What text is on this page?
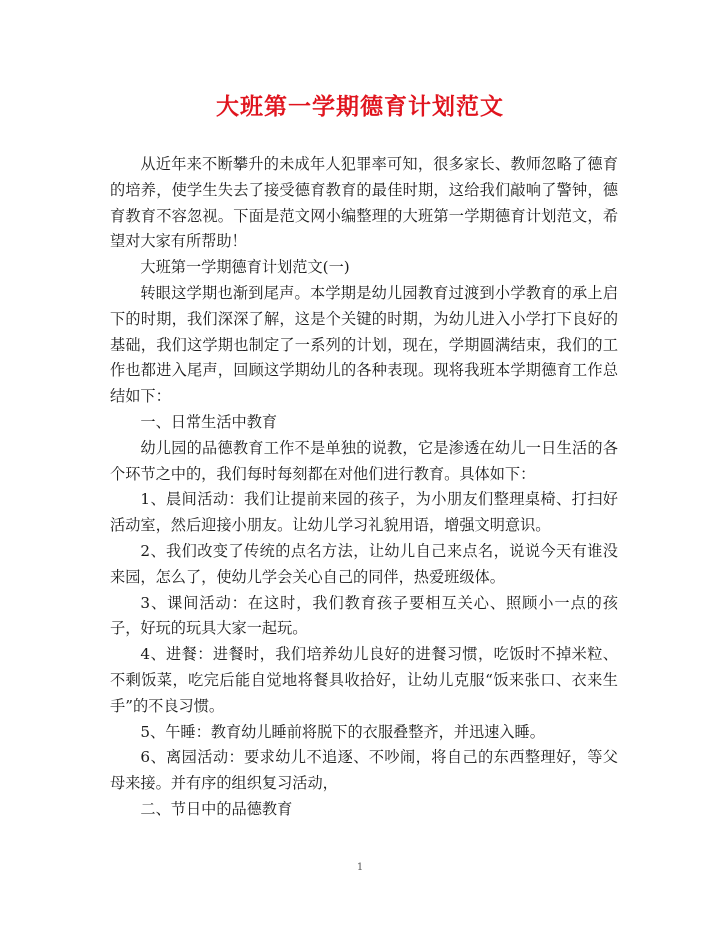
大班第一学期德育计划范文

从近年来不断攀升的未成年人犯罪率可知，很多家长、教师忽略了德育的培养，使学生失去了接受德育教育的最佳时期，这给我们敲响了警钟，德育教育不容忽视。下面是范文网小编整理的大班第一学期德育计划范文，希望对大家有所帮助！

大班第一学期德育计划范文(一)

转眼这学期也渐到尾声。本学期是幼儿园教育过渡到小学教育的承上启下的时期，我们深深了解，这是个关键的时期，为幼儿进入小学打下良好的基础，我们这学期也制定了一系列的计划，现在，学期圆满结束，我们的工作也都进入尾声，回顾这学期幼儿的各种表现。现将我班本学期德育工作总结如下：

一、日常生活中教育

幼儿园的品德教育工作不是单独的说教，它是渗透在幼儿一日生活的各个环节之中的，我们每时每刻都在对他们进行教育。具体如下：

1、晨间活动：我们让提前来园的孩子，为小朋友们整理桌椅、打扫好活动室，然后迎接小朋友。让幼儿学习礼貌用语，增强文明意识。

2、我们改变了传统的点名方法，让幼儿自己来点名，说说今天有谁没来园，怎么了，使幼儿学会关心自己的同伴，热爱班级体。

3、课间活动：在这时，我们教育孩子要相互关心、照顾小一点的孩子，好玩的玩具大家一起玩。

4、进餐：进餐时，我们培养幼儿良好的进餐习惯，吃饭时不掉米粒、不剩饭菜，吃完后能自觉地将餐具收拾好，让幼儿克服“饭来张口、衣来生手”的不良习惯。

5、午睡：教育幼儿睡前将脱下的衣服叠整齐，并迅速入睡。

6、离园活动：要求幼儿不追逐、不吵闹，将自己的东西整理好，等父母来接。并有序的组织复习活动，

二、节日中的品德教育

1
